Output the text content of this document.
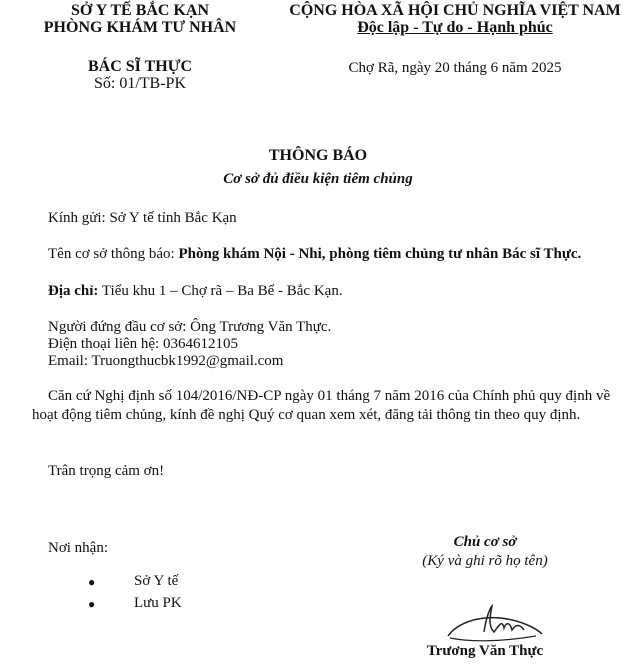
SỞ Y TẾ BẮC KẠN
PHÒNG KHÁM TƯ NHÂN
BÁC SĨ THỰC
Số: 01/TB-PK
CỘNG HÒA XÃ HỘI CHỦ NGHĨA VIỆT NAM
Độc lập - Tự do - Hạnh phúc
Chợ Rã, ngày 20 tháng 6 năm 2025
THÔNG BÁO
Cơ sở đủ điều kiện tiêm chủng
Kính gửi: Sở Y tế tỉnh Bắc Kạn
Tên cơ sở thông báo: Phòng khám Nội - Nhi, phòng tiêm chủng tư nhân Bác sĩ Thực.
Địa chỉ: Tiểu khu 1 – Chợ rã – Ba Bể - Bắc Kạn.
Người đứng đầu cơ sở: Ông Trương Văn Thực.
Điện thoại liên hệ: 0364612105
Email: Truongthucbk1992@gmail.com
Căn cứ Nghị định số 104/2016/NĐ-CP ngày 01 tháng 7 năm 2016 của Chính phủ quy định về hoạt động tiêm chủng, kính đề nghị Quý cơ quan xem xét, đăng tải thông tin theo quy định.
Trân trọng cảm ơn!
Nơi nhận:
●	Sở Y tế
●	Lưu PK
Chủ cơ sở
(Ký và ghi rõ họ tên)
Trương Văn Thực
